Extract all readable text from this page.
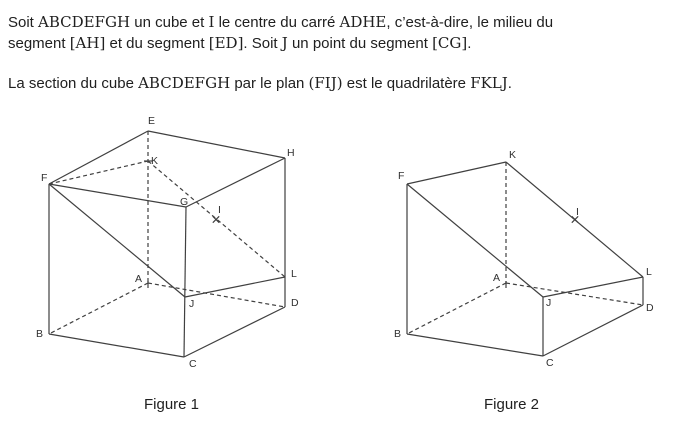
Soit ABCDEFGH un cube et I le centre du carré ADHE, c’est-à-dire, le milieu du
segment [AH] et du segment [ED]. Soit J un point du segment [CG].
La section du cube ABCDEFGH par le plan (FIJ) est le quadrilatère FKLJ.
E
H
F
K
G
I
A	L
J	D
B
C
F
K
I
L
A
J	D
B
C
Figure 1	Figure 2
